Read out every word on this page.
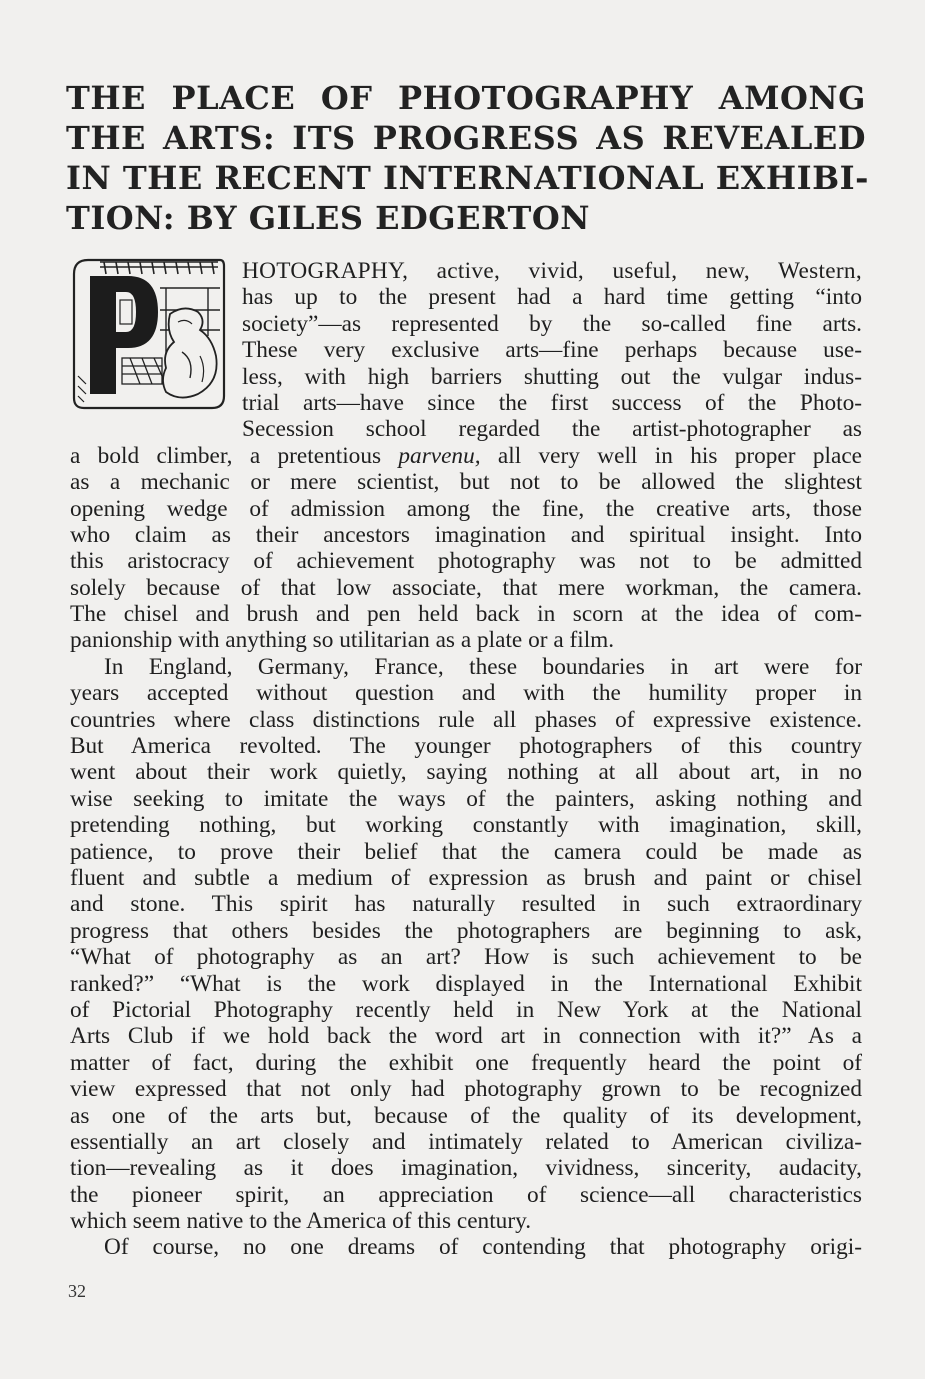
THE PLACE OF PHOTOGRAPHY AMONG
THE ARTS: ITS PROGRESS AS REVEALED
IN THE RECENT INTERNATIONAL EXHIBI-
TION: BY GILES EDGERTON
HOTOGRAPHY, active, vivid, useful, new, Western,
has up to the present had a hard time getting “into
society”—as represented by the so-called fine arts.
These very exclusive arts—fine perhaps because use-
less, with high barriers shutting out the vulgar indus-
trial arts—have since the first success of the Photo-
Secession school regarded the artist-photographer as
a bold climber, a pretentious parvenu, all very well in his proper place
as a mechanic or mere scientist, but not to be allowed the slightest
opening wedge of admission among the fine, the creative arts, those
who claim as their ancestors imagination and spiritual insight. Into
this aristocracy of achievement photography was not to be admitted
solely because of that low associate, that mere workman, the camera.
The chisel and brush and pen held back in scorn at the idea of com-
panionship with anything so utilitarian as a plate or a film.
In England, Germany, France, these boundaries in art were for
years accepted without question and with the humility proper in
countries where class distinctions rule all phases of expressive existence.
But America revolted. The younger photographers of this country
went about their work quietly, saying nothing at all about art, in no
wise seeking to imitate the ways of the painters, asking nothing and
pretending nothing, but working constantly with imagination, skill,
patience, to prove their belief that the camera could be made as
fluent and subtle a medium of expression as brush and paint or chisel
and stone. This spirit has naturally resulted in such extraordinary
progress that others besides the photographers are beginning to ask,
“What of photography as an art? How is such achievement to be
ranked?” “What is the work displayed in the International Exhibit
of Pictorial Photography recently held in New York at the National
Arts Club if we hold back the word art in connection with it?” As a
matter of fact, during the exhibit one frequently heard the point of
view expressed that not only had photography grown to be recognized
as one of the arts but, because of the quality of its development,
essentially an art closely and intimately related to American civiliza-
tion—revealing as it does imagination, vividness, sincerity, audacity,
the pioneer spirit, an appreciation of science—all characteristics
which seem native to the America of this century.
Of course, no one dreams of contending that photography origi-
32
